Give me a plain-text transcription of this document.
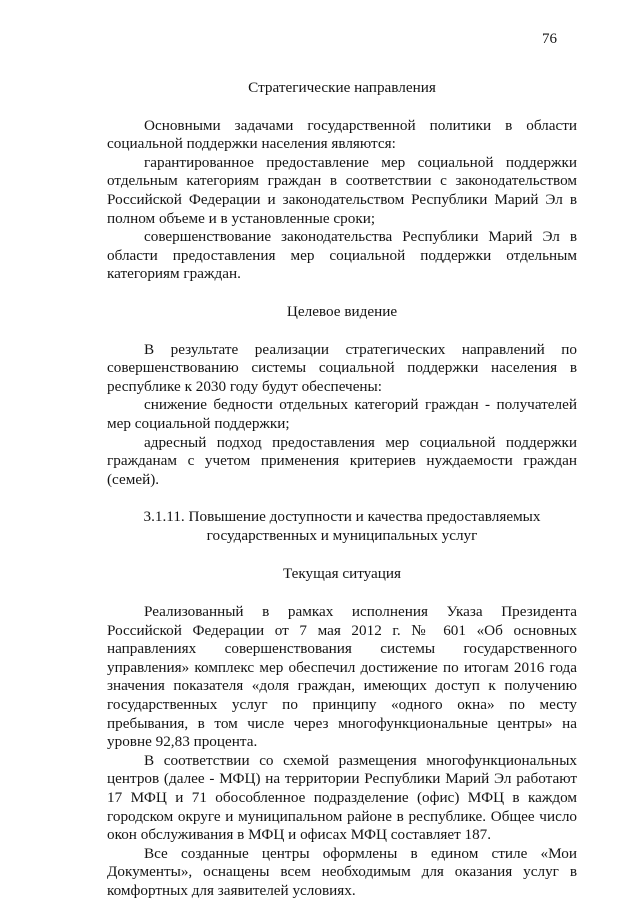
76
Стратегические направления

Основными задачами государственной политики в области социальной поддержки населения являются:

гарантированное предоставление мер социальной поддержки отдельным категориям граждан в соответствии с законодательством Российской Федерации и законодательством Республики Марий Эл в полном объеме и в установленные сроки;

совершенствование законодательства Республики Марий Эл в области предоставления мер социальной поддержки отдельным категориям граждан.

Целевое видение

В результате реализации стратегических направлений по совершенствованию системы социальной поддержки населения в республике к 2030 году будут обеспечены:

снижение бедности отдельных категорий граждан - получателей мер социальной поддержки;

адресный подход предоставления мер социальной поддержки гражданам с учетом применения критериев нуждаемости граждан (семей).

3.1.11. Повышение доступности и качества предоставляемых
государственных и муниципальных услуг
Текущая ситуация

Реализованный в рамках исполнения Указа Президента Российской Федерации от 7 мая 2012 г. № 601 «Об основных направлениях совершенствования системы государственного управления» комплекс мер обеспечил достижение по итогам 2016 года значения показателя «доля граждан, имеющих доступ к получению государственных услуг по принципу «одного окна» по месту пребывания, в том числе через многофункциональные центры» на уровне 92,83 процента.

В соответствии со схемой размещения многофункциональных центров (далее - МФЦ) на территории Республики Марий Эл работают 17 МФЦ и 71 обособленное подразделение (офис) МФЦ в каждом городском округе и муниципальном районе в республике. Общее число окон обслуживания в МФЦ и офисах МФЦ составляет 187.

Все созданные центры оформлены в едином стиле «Мои Документы», оснащены всем необходимым для оказания услуг в комфортных для заявителей условиях.
